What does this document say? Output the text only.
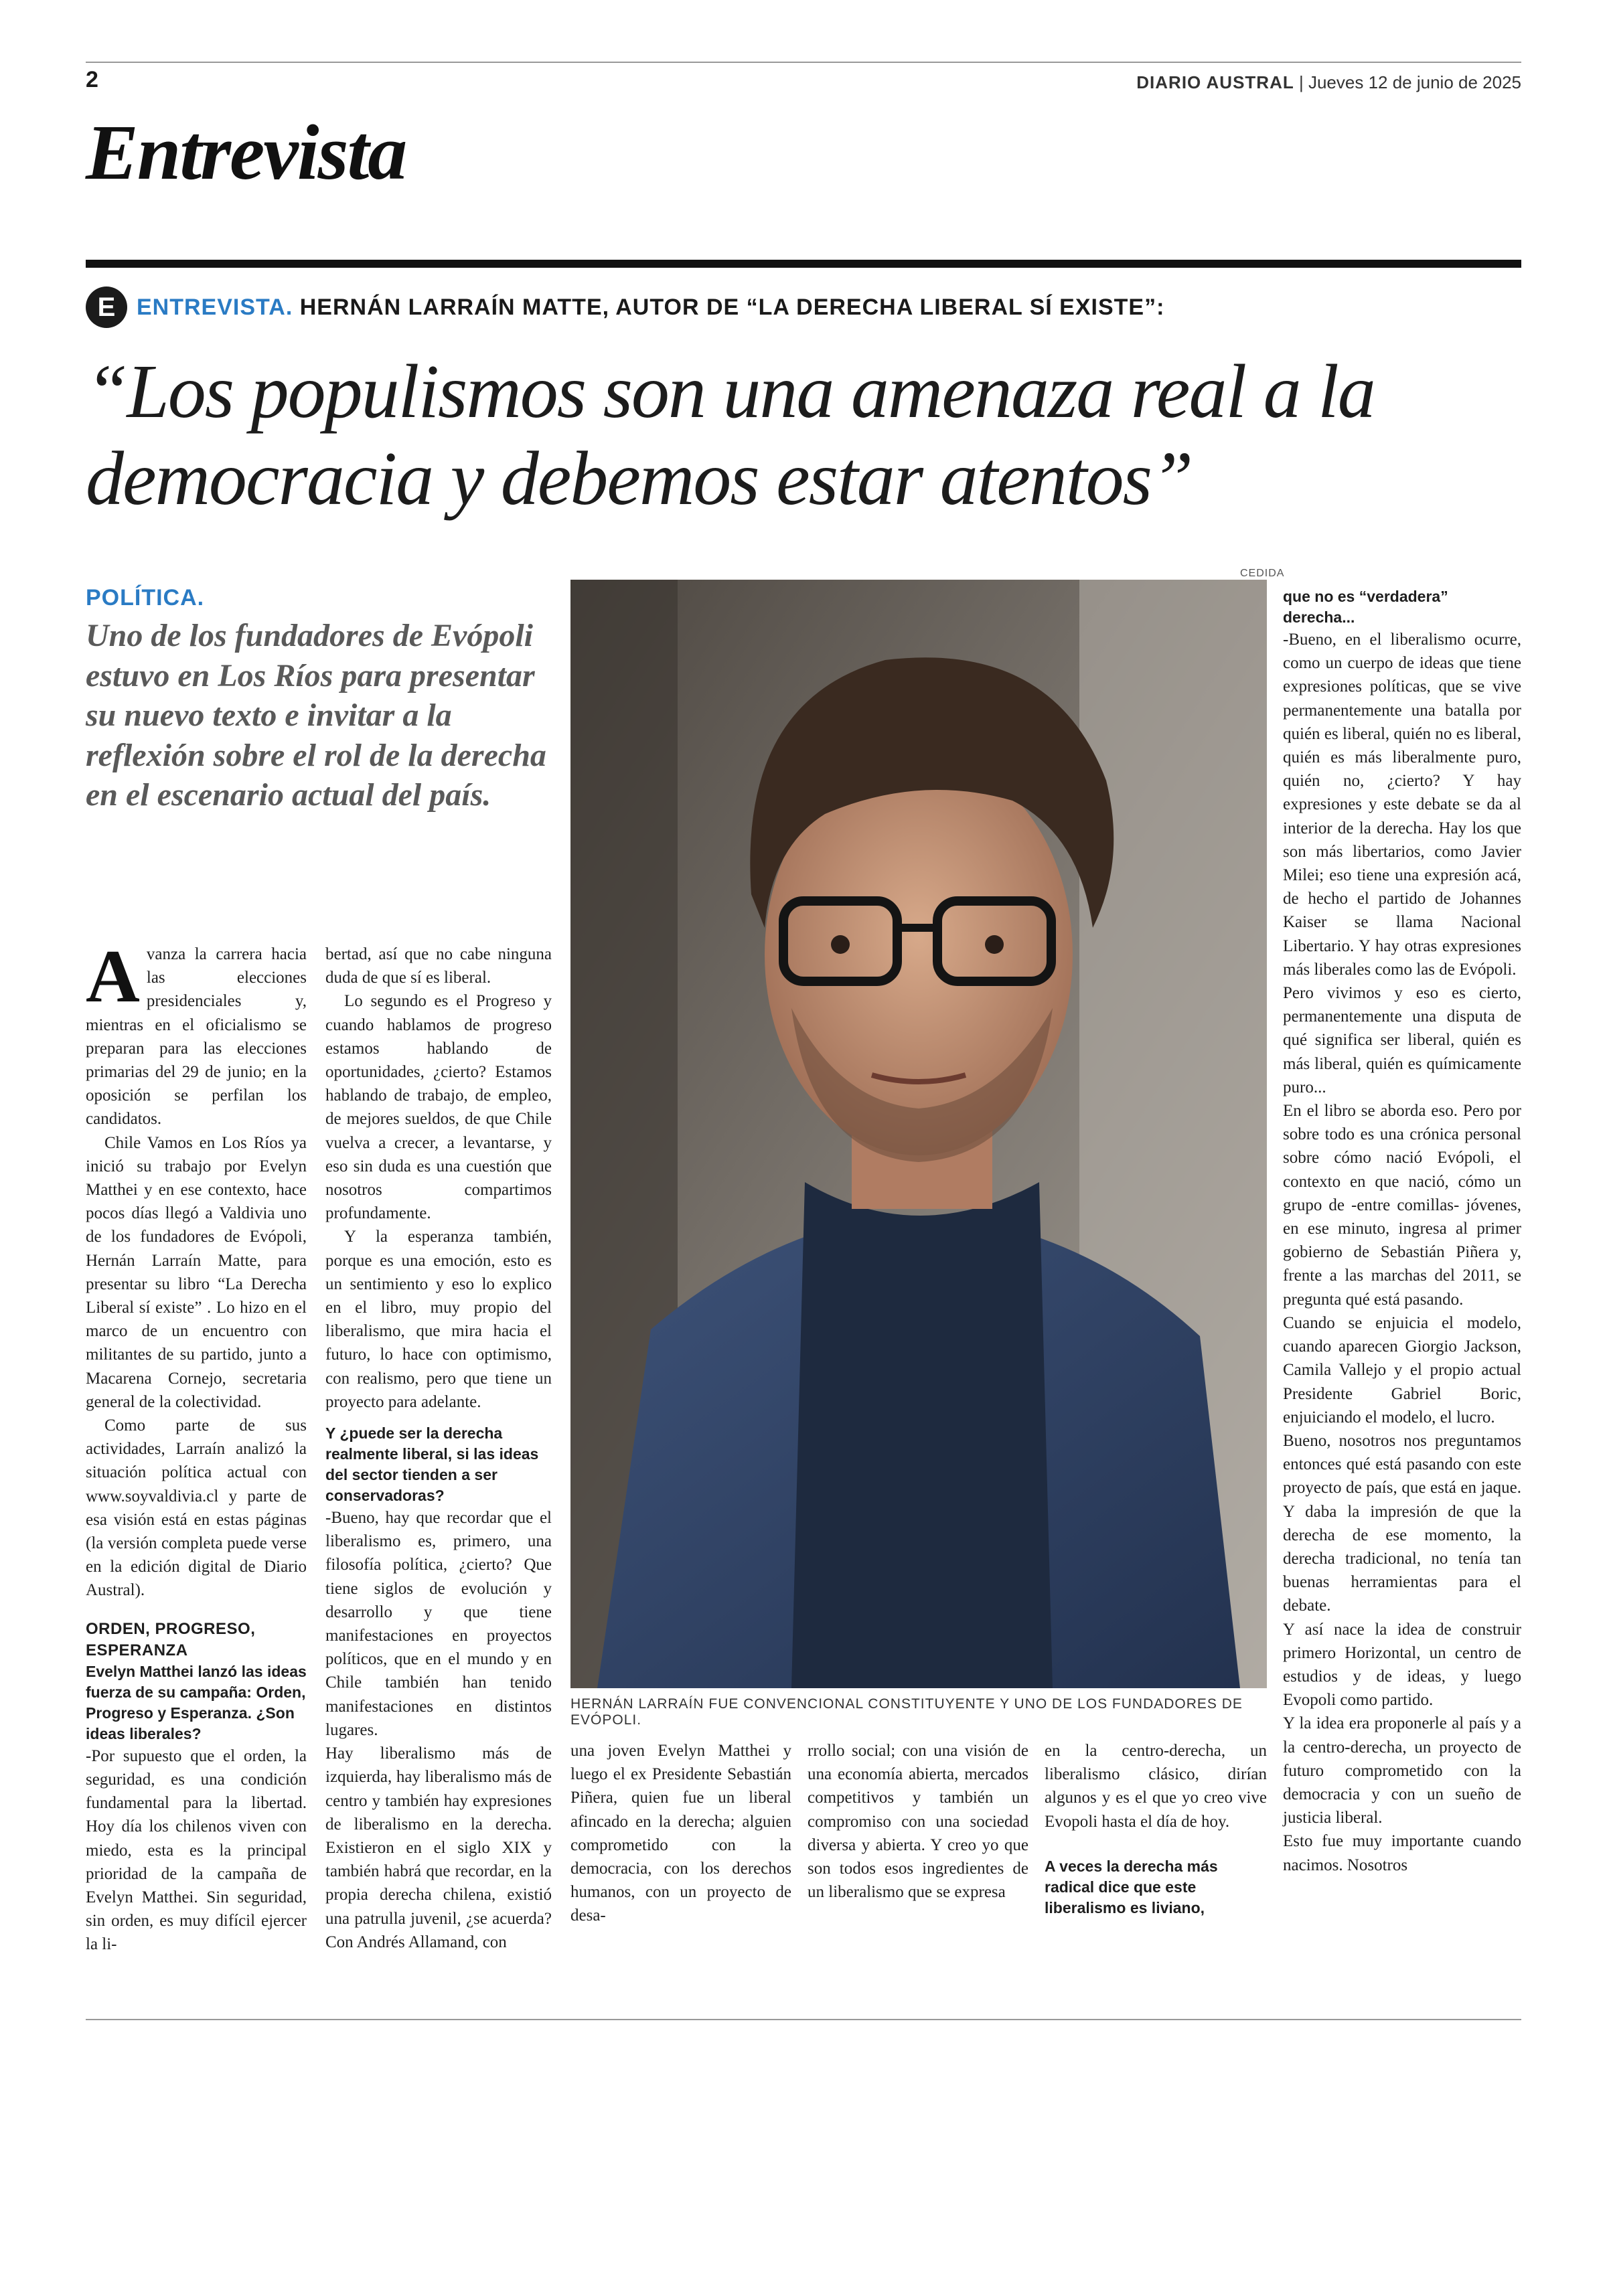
2	DIARIO AUSTRAL | Jueves 12 de junio de 2025
Entrevista
E ENTREVISTA. HERNÁN LARRAÍN MATTE, AUTOR DE “LA DERECHA LIBERAL SÍ EXISTE”:
“Los populismos son una amenaza real a la democracia y debemos estar atentos”
POLÍTICA.
Uno de los fundadores de Evópoli estuvo en Los Ríos para presentar su nuevo texto e invitar a la reflexión sobre el rol de la derecha en el escenario actual del país.
CEDIDA
HERNÁN LARRAÍN FUE CONVENCIONAL CONSTITUYENTE Y UNO DE LOS FUNDADORES DE EVÓPOLI.

Avanza la carrera hacia las elecciones presidenciales y, mientras en el oficialismo se preparan para las elecciones primarias del 29 de junio; en la oposición se perfilan los candidatos.

Chile Vamos en Los Ríos ya inició su trabajo por Evelyn Matthei y en ese contexto, hace pocos días llegó a Valdivia uno de los fundadores de Evópoli, Hernán Larraín Matte, para presentar su libro “La Derecha Liberal sí existe” . Lo hizo en el marco de un encuentro con militantes de su partido, junto a Macarena Cornejo, secretaria general de la colectividad.

Como parte de sus actividades, Larraín analizó la situación política actual con www.soyvaldivia.cl y parte de esa visión está en estas páginas (la versión completa puede verse en la edición digital de Diario Austral).

ORDEN, PROGRESO, ESPERANZA

Evelyn Matthei lanzó las ideas fuerza de su campaña: Orden, Progreso y Esperanza. ¿Son ideas liberales?

-Por supuesto que el orden, la seguridad, es una condición fundamental para la libertad. Hoy día los chilenos viven con miedo, esta es la principal prioridad de la campaña de Evelyn Matthei. Sin seguridad, sin orden, es muy difícil ejercer la li-

bertad, así que no cabe ninguna duda de que sí es liberal.

Lo segundo es el Progreso y cuando hablamos de progreso estamos hablando de oportunidades, ¿cierto? Estamos hablando de trabajo, de empleo, de mejores sueldos, de que Chile vuelva a crecer, a levantarse, y eso sin duda es una cuestión que nosotros compartimos profundamente.

Y la esperanza también, porque es una emoción, esto es un sentimiento y eso lo explico en el libro, muy propio del liberalismo, que mira hacia el futuro, lo hace con optimismo, con realismo, pero que tiene un proyecto para adelante.

Y ¿puede ser la derecha realmente liberal, si las ideas del sector tienden a ser conservadoras?

-Bueno, hay que recordar que el liberalismo es, primero, una filosofía política, ¿cierto? Que tiene siglos de evolución y desarrollo y que tiene manifestaciones en proyectos políticos, que en el mundo y en Chile también han tenido manifestaciones en distintos lugares.

Hay liberalismo más de izquierda, hay liberalismo más de centro y también hay expresiones de liberalismo en la derecha. Existieron en el siglo XIX y también habrá que recordar, en la propia derecha chilena, existió una patrulla juvenil, ¿se acuerda? Con Andrés Allamand, con

una joven Evelyn Matthei y luego el ex Presidente Sebastián Piñera, quien fue un liberal afincado en la derecha; alguien comprometido con la democracia, con los derechos humanos, con un proyecto de desa-

rrollo social; con una visión de una economía abierta, mercados competitivos y también un compromiso con una sociedad diversa y abierta. Y creo yo que son todos esos ingredientes de un liberalismo que se expresa

en la centro-derecha, un liberalismo clásico, dirían algunos y es el que yo creo vive Evopoli hasta el día de hoy.

A veces la derecha más radical dice que este liberalismo es liviano,

que no es “verdadera” derecha...

-Bueno, en el liberalismo ocurre, como un cuerpo de ideas que tiene expresiones políticas, que se vive permanentemente una batalla por quién es liberal, quién no es liberal, quién es más liberalmente puro, quién no, ¿cierto? Y hay expresiones y este debate se da al interior de la derecha. Hay los que son más libertarios, como Javier Milei; eso tiene una expresión acá, de hecho el partido de Johannes Kaiser se llama Nacional Libertario. Y hay otras expresiones más liberales como las de Evópoli.

Pero vivimos y eso es cierto, permanentemente una disputa de qué significa ser liberal, quién es más liberal, quién es químicamente puro...

En el libro se aborda eso. Pero por sobre todo es una crónica personal sobre cómo nació Evópoli, el contexto en que nació, cómo un grupo de -entre comillas- jóvenes, en ese minuto, ingresa al primer gobierno de Sebastián Piñera y, frente a las marchas del 2011, se pregunta qué está pasando.

Cuando se enjuicia el modelo, cuando aparecen Giorgio Jackson, Camila Vallejo y el propio actual Presidente Gabriel Boric, enjuiciando el modelo, el lucro.

Bueno, nosotros nos preguntamos entonces qué está pasando con este proyecto de país, que está en jaque. Y daba la impresión de que la derecha de ese momento, la derecha tradicional, no tenía tan buenas herramientas para el debate.

Y así nace la idea de construir primero Horizontal, un centro de estudios y de ideas, y luego Evopoli como partido.

Y la idea era proponerle al país y a la centro-derecha, un proyecto de futuro comprometido con la democracia y con un sueño de justicia liberal.

Esto fue muy importante cuando nacimos. Nosotros
